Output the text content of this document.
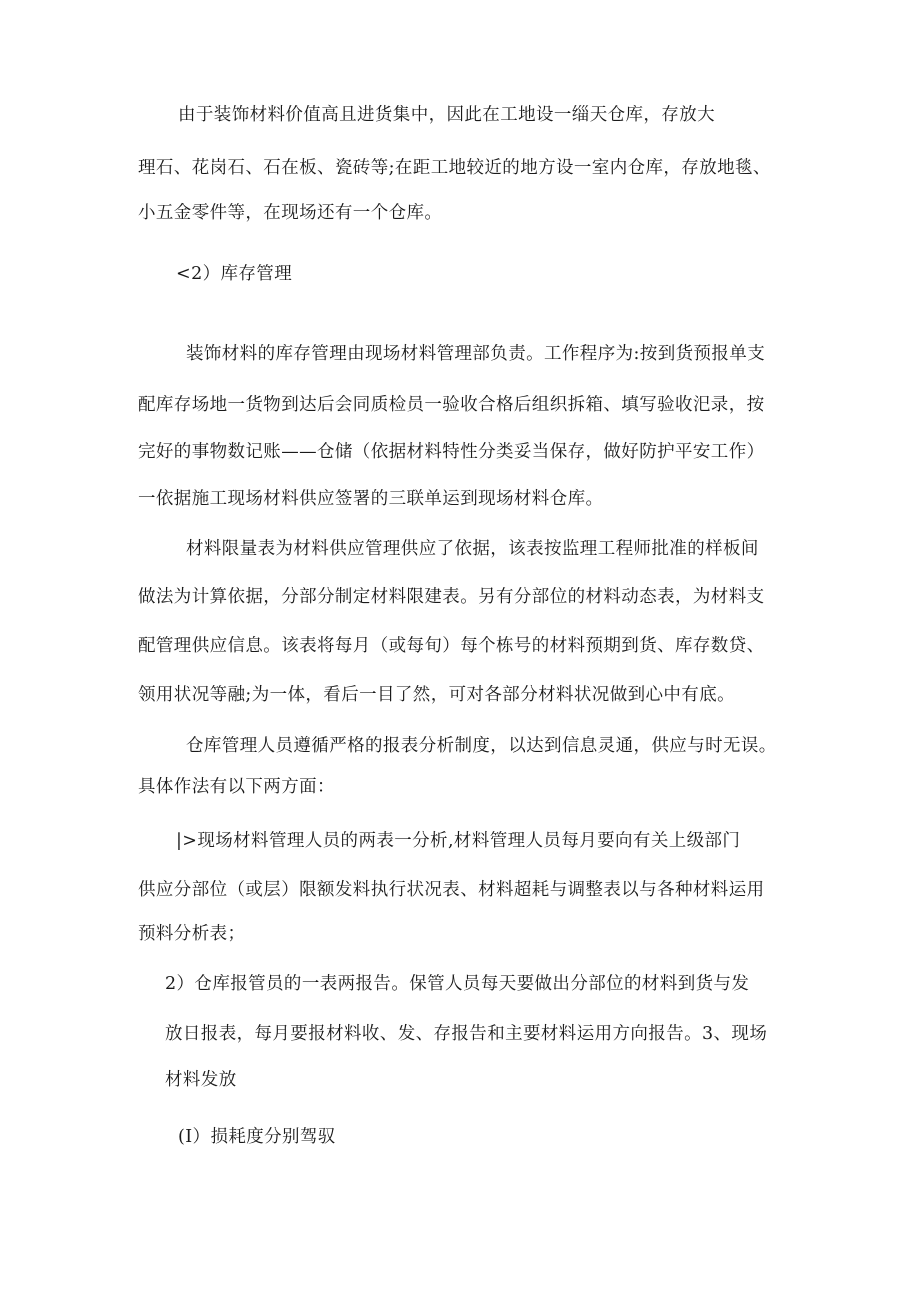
由于装饰材料价值高且进货集中，因此在工地设一缁天仓库，存放大
理石、花岗石、石在板、瓷砖等;在距工地较近的地方设一室内仓库，存放地毯、
小五金零件等，在现场还有一个仓库。
<2）库存管理
装饰材料的库存管理由现场材料管理部负责。工作程序为:按到货预报单支
配库存场地一货物到达后会同质检员一验收合格后组织拆箱、填写验收汜录，按
完好的事物数记账——仓储（依据材料特性分类妥当保存，做好防护平安工作）
一依据施工现场材料供应签署的三联单运到现场材料仓库。
材料限量表为材料供应管理供应了依据，该表按监理工程师批准的样板间
做法为计算依据，分部分制定材料限建表。另有分部位的材料动态表，为材料支
配管理供应信息。该表将每月（或每旬）每个栋号的材料预期到货、库存数贷、
领用状况等融;为一体，看后一目了然，可对各部分材料状况做到心中有底。
仓库管理人员遵循严格的报表分析制度，以达到信息灵通，供应与时无误。
具体作法有以下两方面：
|>现场材料管理人员的两表一分析,材料管理人员每月要向有关上级部门
供应分部位（或层）限额发料执行状况表、材料超耗与调整表以与各种材料运用
预料分析表；
2）仓库报管员的一表两报告。保管人员每天要做出分部位的材料到货与发
放日报表，每月要报材料收、发、存报告和主要材料运用方向报告。3、现场
材料发放
(I）损耗度分别驾驭
